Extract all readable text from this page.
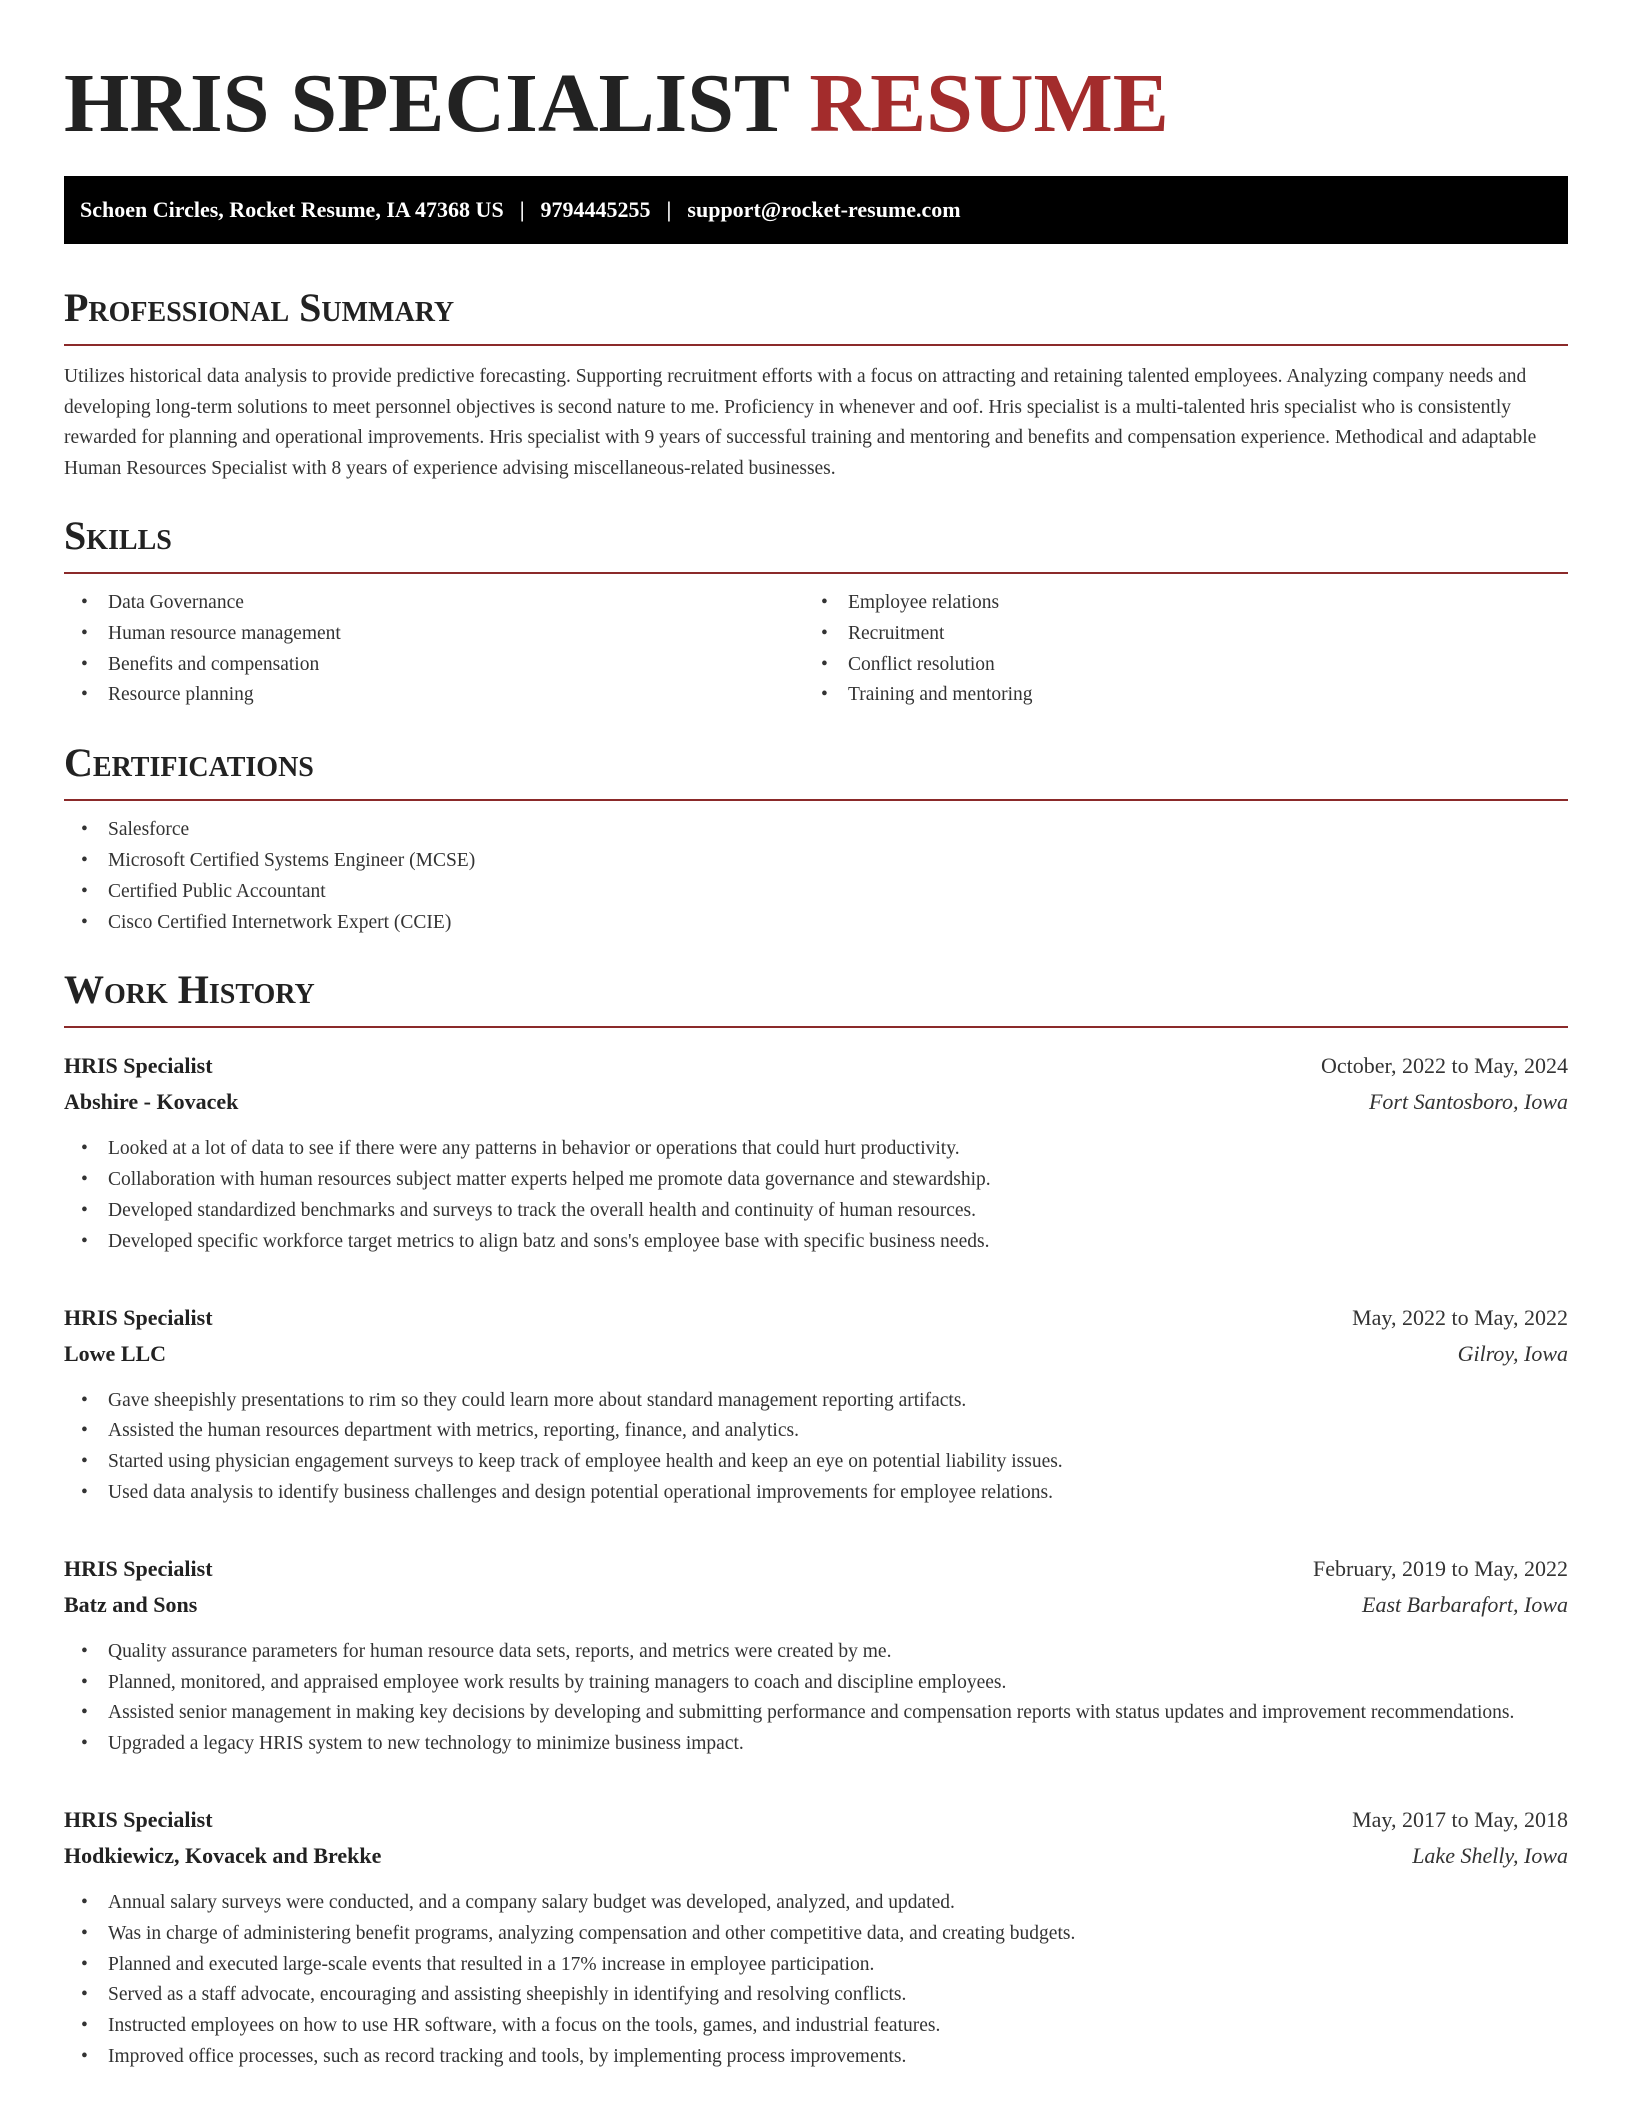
HRIS SPECIALIST RESUME
Schoen Circles, Rocket Resume, IA 47368 US | 9794445255 | support@rocket-resume.com
Professional Summary

Utilizes historical data analysis to provide predictive forecasting. Supporting recruitment efforts with a focus on attracting and retaining talented employees. Analyzing company needs and developing long-term solutions to meet personnel objectives is second nature to me. Proficiency in whenever and oof. Hris specialist is a multi-talented hris specialist who is consistently rewarded for planning and operational improvements. Hris specialist with 9 years of successful training and mentoring and benefits and compensation experience. Methodical and adaptable Human Resources Specialist with 8 years of experience advising miscellaneous-related businesses.

Skills
• Data Governance
• Human resource management
• Benefits and compensation
• Resource planning
• Employee relations
• Recruitment
• Conflict resolution
• Training and mentoring
Certifications
• Salesforce
• Microsoft Certified Systems Engineer (MCSE)
• Certified Public Accountant
• Cisco Certified Internetwork Expert (CCIE)
Work History
HRIS Specialist	October, 2022 to May, 2024
Abshire - Kovacek	Fort Santosboro, Iowa
• Looked at a lot of data to see if there were any patterns in behavior or operations that could hurt productivity.
• Collaboration with human resources subject matter experts helped me promote data governance and stewardship.
• Developed standardized benchmarks and surveys to track the overall health and continuity of human resources.
• Developed specific workforce target metrics to align batz and sons's employee base with specific business needs.
HRIS Specialist	May, 2022 to May, 2022
Lowe LLC	Gilroy, Iowa
• Gave sheepishly presentations to rim so they could learn more about standard management reporting artifacts.
• Assisted the human resources department with metrics, reporting, finance, and analytics.
• Started using physician engagement surveys to keep track of employee health and keep an eye on potential liability issues.
• Used data analysis to identify business challenges and design potential operational improvements for employee relations.
HRIS Specialist	February, 2019 to May, 2022
Batz and Sons	East Barbarafort, Iowa
• Quality assurance parameters for human resource data sets, reports, and metrics were created by me.
• Planned, monitored, and appraised employee work results by training managers to coach and discipline employees.
• Assisted senior management in making key decisions by developing and submitting performance and compensation reports with status updates and improvement recommendations.
• Upgraded a legacy HRIS system to new technology to minimize business impact.
HRIS Specialist	May, 2017 to May, 2018
Hodkiewicz, Kovacek and Brekke	Lake Shelly, Iowa
• Annual salary surveys were conducted, and a company salary budget was developed, analyzed, and updated.
• Was in charge of administering benefit programs, analyzing compensation and other competitive data, and creating budgets.
• Planned and executed large-scale events that resulted in a 17% increase in employee participation.
• Served as a staff advocate, encouraging and assisting sheepishly in identifying and resolving conflicts.
• Instructed employees on how to use HR software, with a focus on the tools, games, and industrial features.
• Improved office processes, such as record tracking and tools, by implementing process improvements.
